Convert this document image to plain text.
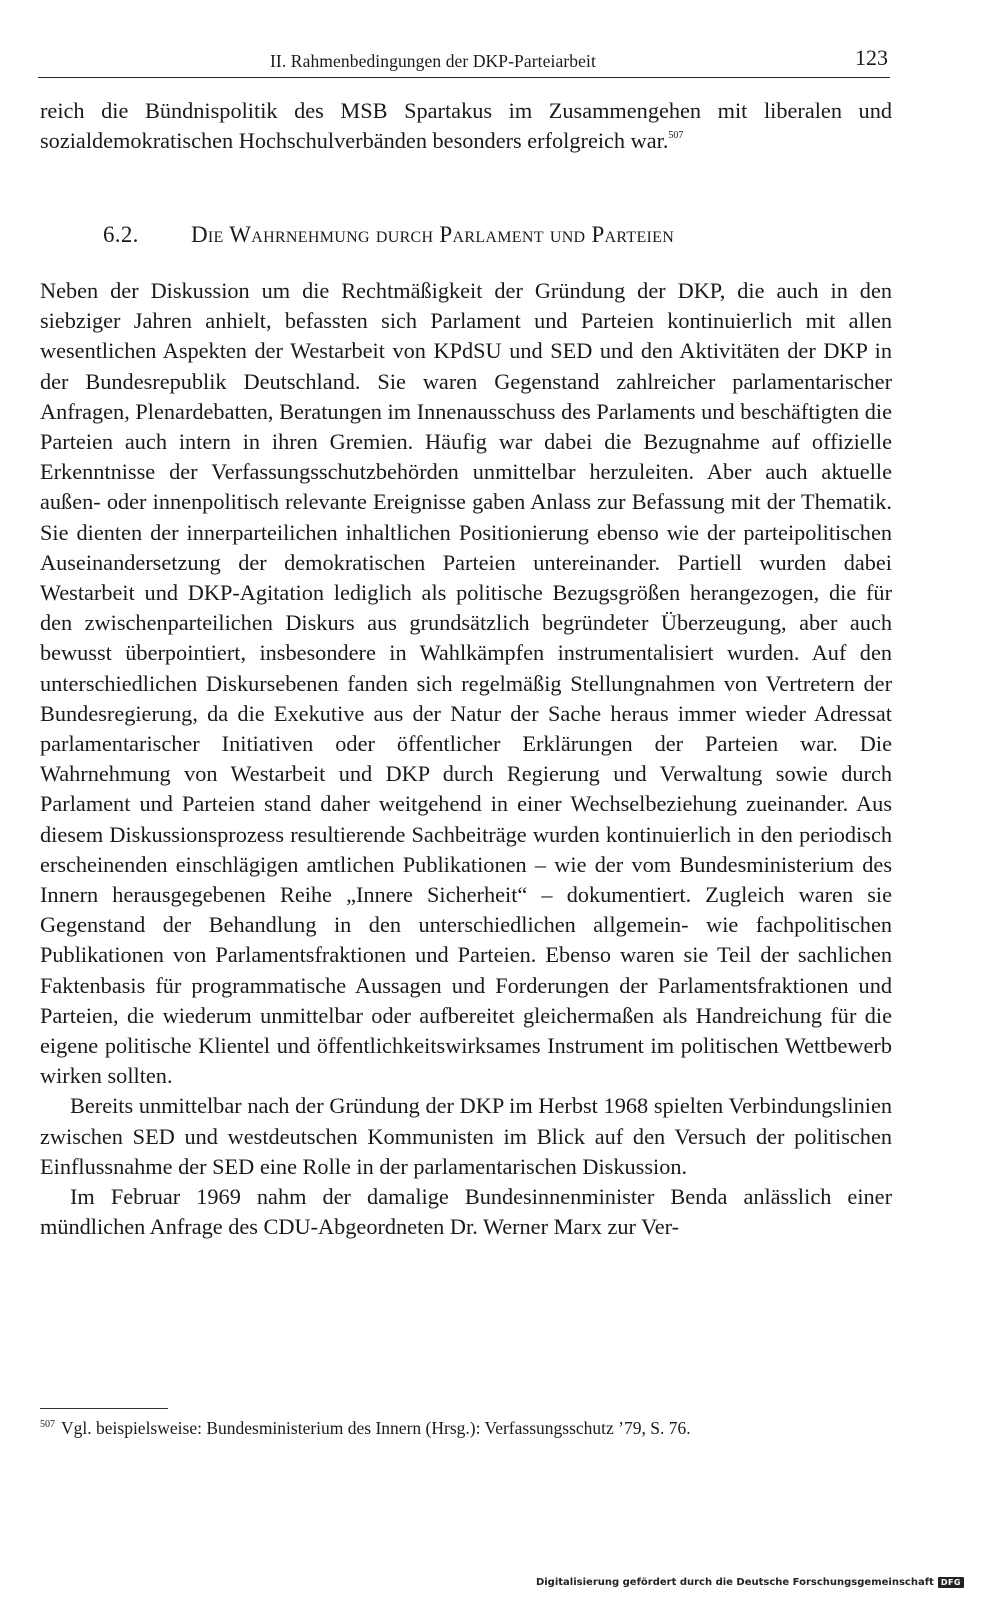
II. Rahmenbedingungen der DKP-Parteiarbeit	123

reich die Bündnispolitik des MSB Spartakus im Zusammengehen mit liberalen und sozialdemokratischen Hochschulverbänden besonders erfolgreich war.$^{507}$

6.2. Die Wahrnehmung durch Parlament und Parteien

Neben der Diskussion um die Rechtmäßigkeit der Gründung der DKP, die auch in den siebziger Jahren anhielt, befassten sich Parlament und Parteien kontinuierlich mit allen wesentlichen Aspekten der Westarbeit von KPdSU und SED und den Aktivitäten der DKP in der Bundesrepublik Deutschland. Sie waren Gegenstand zahlreicher parlamentarischer Anfragen, Plenardebatten, Beratungen im Innenausschuss des Parlaments und beschäftigten die Parteien auch intern in ihren Gremien. Häufig war dabei die Bezugnahme auf offizielle Erkenntnisse der Verfassungsschutzbehörden unmittelbar herzuleiten. Aber auch aktuelle außen- oder innenpolitisch relevante Ereignisse gaben Anlass zur Befassung mit der Thematik. Sie dienten der innerparteilichen inhaltlichen Positionierung ebenso wie der parteipolitischen Auseinandersetzung der demokratischen Parteien untereinander. Partiell wurden dabei Westarbeit und DKP-Agitation lediglich als politische Bezugsgrößen herangezogen, die für den zwischenparteilichen Diskurs aus grundsätzlich begründeter Überzeugung, aber auch bewusst überpointiert, insbesondere in Wahlkämpfen instrumentalisiert wurden. Auf den unterschiedlichen Diskursebenen fanden sich regelmäßig Stellungnahmen von Vertretern der Bundesregierung, da die Exekutive aus der Natur der Sache heraus immer wieder Adressat parlamentarischer Initiativen oder öffentlicher Erklärungen der Parteien war. Die Wahrnehmung von Westarbeit und DKP durch Regierung und Verwaltung sowie durch Parlament und Parteien stand daher weitgehend in einer Wechselbeziehung zueinander. Aus diesem Diskussionsprozess resultierende Sachbeiträge wurden kontinuierlich in den periodisch erscheinenden einschlägigen amtlichen Publikationen – wie der vom Bundesministerium des Innern herausgegebenen Reihe „Innere Sicherheit“ – dokumentiert. Zugleich waren sie Gegenstand der Behandlung in den unterschiedlichen allgemein- wie fachpolitischen Publikationen von Parlamentsfraktionen und Parteien. Ebenso waren sie Teil der sachlichen Faktenbasis für programmatische Aussagen und Forderungen der Parlamentsfraktionen und Parteien, die wiederum unmittelbar oder aufbereitet gleichermaßen als Handreichung für die eigene politische Klientel und öffentlichkeitswirksames Instrument im politischen Wettbewerb wirken sollten.

Bereits unmittelbar nach der Gründung der DKP im Herbst 1968 spielten Verbindungslinien zwischen SED und westdeutschen Kommunisten im Blick auf den Versuch der politischen Einflussnahme der SED eine Rolle in der parlamentarischen Diskussion.

Im Februar 1969 nahm der damalige Bundesinnenminister Benda anlässlich einer mündlichen Anfrage des CDU-Abgeordneten Dr. Werner Marx zur Ver-

$^{507}$ Vgl. beispielsweise: Bundesministerium des Innern (Hrsg.): Verfassungsschutz ’79, S. 76.
Digitalisierung gefördert durch die Deutsche Forschungsgemeinschaft DFG
